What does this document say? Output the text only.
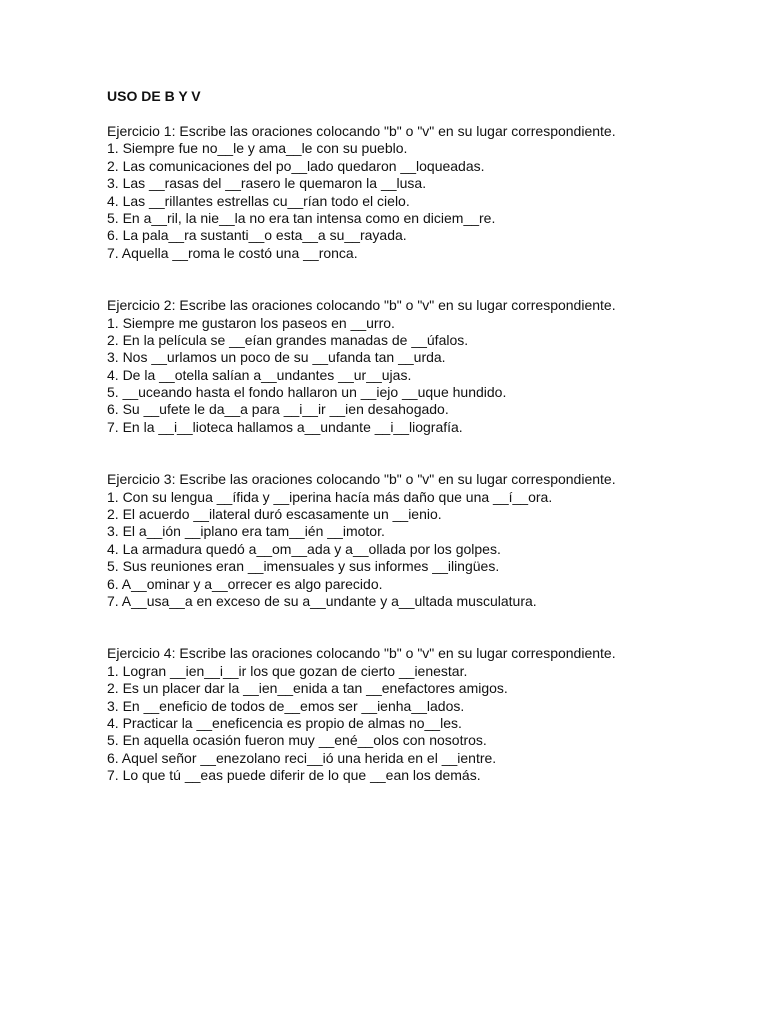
USO DE B Y V
Ejercicio 1: Escribe las oraciones colocando "b" o "v" en su lugar correspondiente.
1. Siempre fue no__le y ama__le con su pueblo.
2. Las comunicaciones del po__lado quedaron __loqueadas.
3. Las __rasas del __rasero le quemaron la __lusa.
4. Las __rillantes estrellas cu__rían todo el cielo.
5. En a__ril, la nie__la no era tan intensa como en diciem__re.
6. La pala__ra sustanti__o esta__a su__rayada.
7. Aquella __roma le costó una __ronca.
Ejercicio 2: Escribe las oraciones colocando "b" o "v" en su lugar correspondiente.
1. Siempre me gustaron los paseos en __urro.
2. En la película se __eían grandes manadas de __úfalos.
3. Nos __urlamos un poco de su __ufanda tan __urda.
4. De la __otella salían a__undantes __ur__ujas.
5. __uceando hasta el fondo hallaron un __iejo __uque hundido.
6. Su __ufete le da__a para __i__ir __ien desahogado.
7. En la __i__lioteca hallamos a__undante __i__liografía.
Ejercicio 3: Escribe las oraciones colocando "b" o "v" en su lugar correspondiente.
1. Con su lengua __ífida y __iperina hacía más daño que una __í__ora.
2. El acuerdo __ilateral duró escasamente un __ienio.
3. El a__ión __iplano era tam__ién __imotor.
4. La armadura quedó a__om__ada y a__ollada por los golpes.
5. Sus reuniones eran __imensuales y sus informes __ilingües.
6. A__ominar y a__orrecer es algo parecido.
7. A__usa__a en exceso de su a__undante y a__ultada musculatura.
Ejercicio 4: Escribe las oraciones colocando "b" o "v" en su lugar correspondiente.
1. Logran __ien__i__ir los que gozan de cierto __ienestar.
2. Es un placer dar la __ien__enida a tan __enefactores amigos.
3. En __eneficio de todos de__emos ser __ienha__lados.
4. Practicar la __eneficencia es propio de almas no__les.
5. En aquella ocasión fueron muy __ené__olos con nosotros.
6. Aquel señor __enezolano reci__ió una herida en el __ientre.
7. Lo que tú __eas puede diferir de lo que __ean los demás.
